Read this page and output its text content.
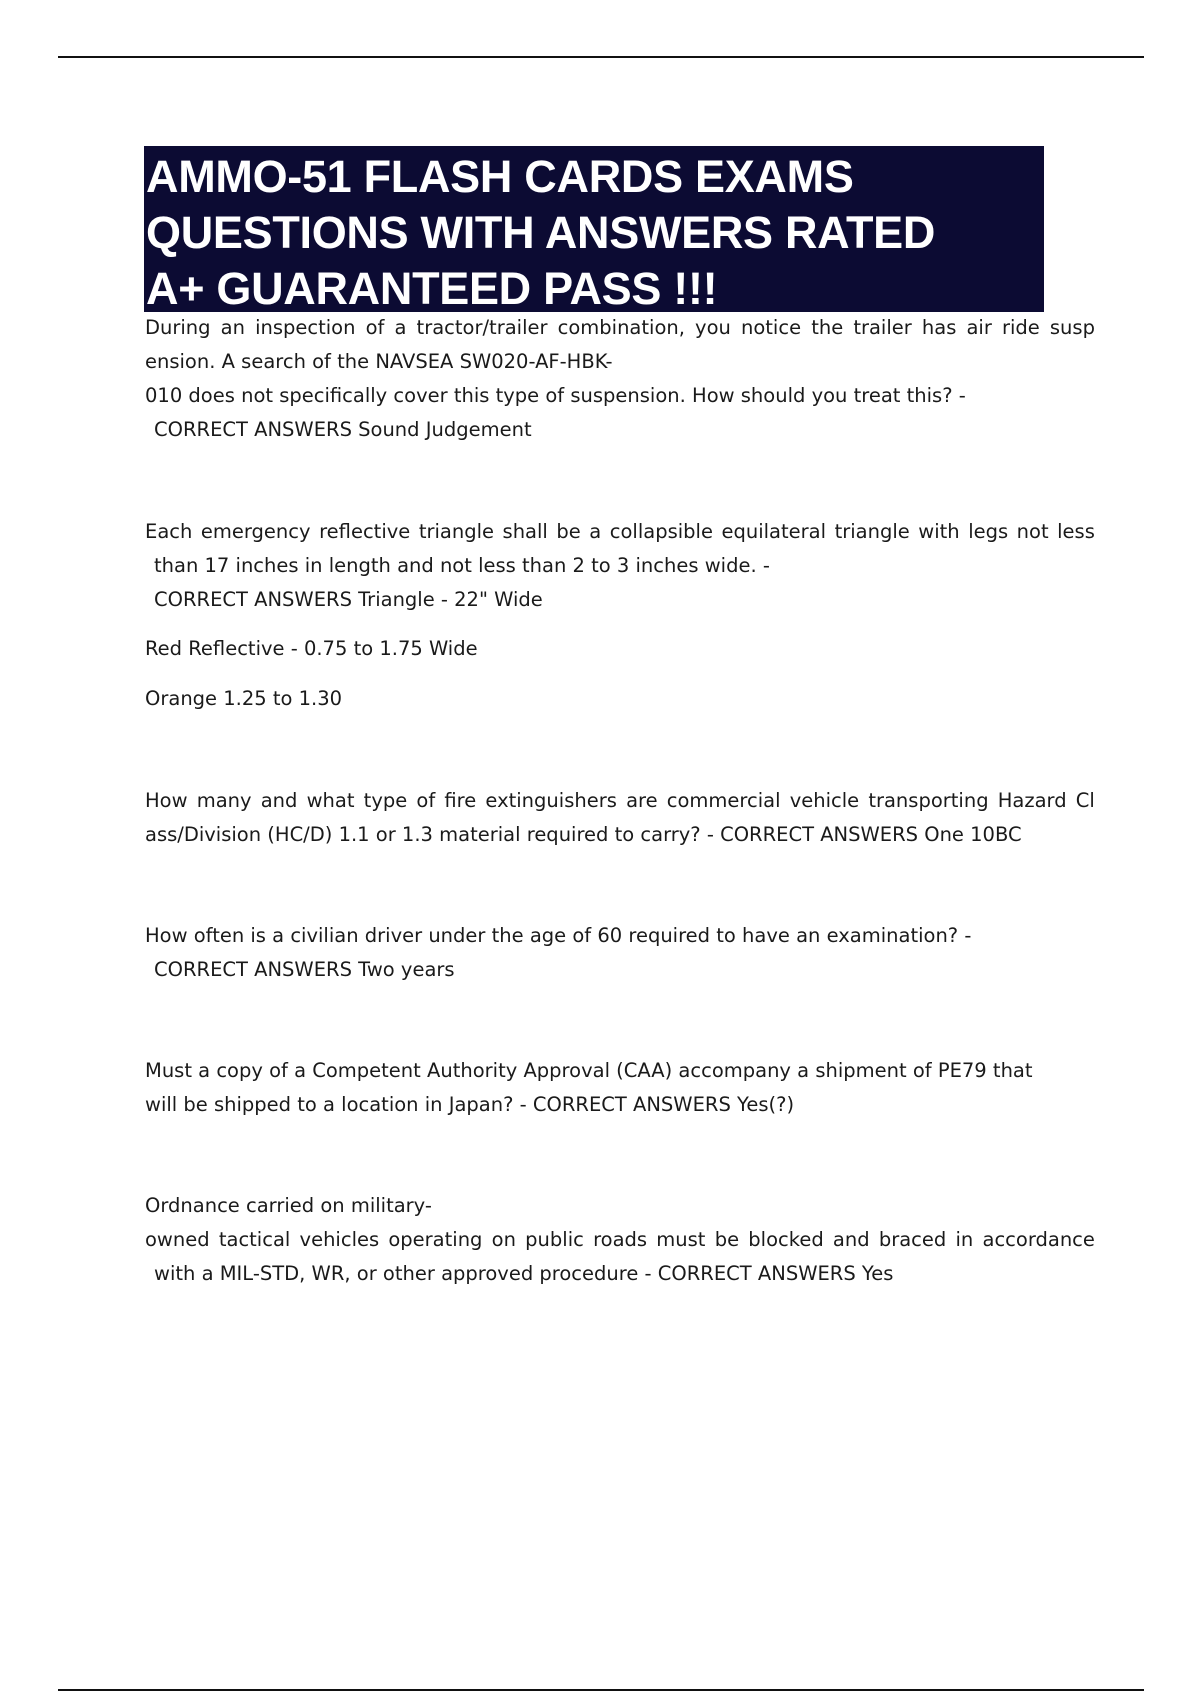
AMMO-51 FLASH CARDS EXAMS
QUESTIONS WITH ANSWERS RATED
A+ GUARANTEED PASS !!!
During an inspection of a tractor/trailer combination, you notice the trailer has air ride susp
ension. A search of the NAVSEA SW020-AF-HBK-
010 does not specifically cover this type of suspension. How should you treat this? -
CORRECT ANSWERS Sound Judgement
Each emergency reflective triangle shall be a collapsible equilateral triangle with legs not less
than 17 inches in length and not less than 2 to 3 inches wide. -
CORRECT ANSWERS Triangle - 22" Wide
Red Reflective - 0.75 to 1.75 Wide
Orange 1.25 to 1.30
How many and what type of fire extinguishers are commercial vehicle transporting Hazard Cl
ass/Division (HC/D) 1.1 or 1.3 material required to carry? - CORRECT ANSWERS One 10BC
How often is a civilian driver under the age of 60 required to have an examination? -
CORRECT ANSWERS Two years
Must a copy of a Competent Authority Approval (CAA) accompany a shipment of PE79 that
will be shipped to a location in Japan? - CORRECT ANSWERS Yes(?)
Ordnance carried on military-
owned tactical vehicles operating on public roads must be blocked and braced in accordance
with a MIL-STD, WR, or other approved procedure - CORRECT ANSWERS Yes
